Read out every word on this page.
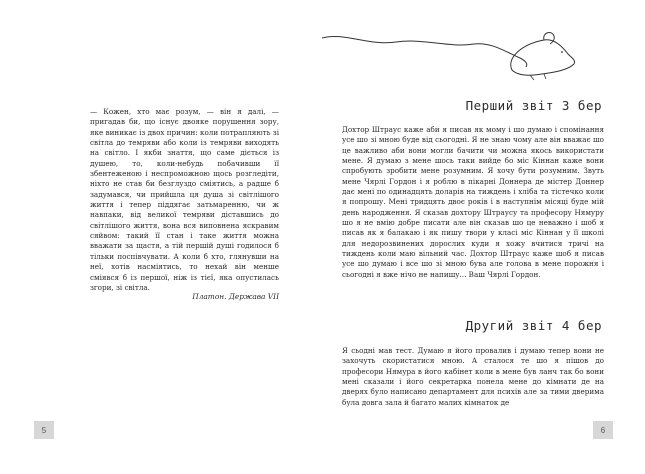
— Кожен, хто має розум, — він я далі, — пригадав би, що існує двояке порушення зору, яке виникає із двох причин: коли потрапляють зі світла до темряви або коли із темряви виходять на світло. І якби знаття, що саме діється із душею, то, коли-небудь побачивши її збентеженою і неспроможною щось розгледіти, ніхто не став би безглуздо сміятись, а радше б задумався, чи прийшла ця душа зі світлішого життя і тепер піддягає затьмаренню, чи ж навпаки, від великої темряви діставшись до світлішого життя, вона вся виповнена яскравим сяйвом: такий її стан і таке життя можна вважати за щастя, а тій першій душі годилося б тільки поспівчувати. А коли б хто, глянувши на неї, хотів насміятись, то нехай він менше сміявся б із першої, ніж із тієї, яка опустилась згори, зі світла.

Платон. Держава VII

5
Перший звіт 3 бер

Дохтор Штраус каже аби я писав як мому і шо думаю і спомінання усе шо зі мною буде від сьогодні. Я не знаю чому але він вважає шо це важливо аби вони могли бачити чи можна якось використати мене. Я думаю з мене шось таки вийде бо міс Кіннан каже вони спробують зробити мене розумним. Я хочу бути розумним. Звуть мене Чярлі Гордон і я роблю в пікарні Доннера де містер Доннер дає мені по одинадцять доларів на тиждень і хліба та тістечко коли я попрошу. Мені тридцять двоє років і в наступнім місяці буде мій день народження. Я сказав дохтору Штраусу та професору Нямуру шо я не вмію добре писати але він сказав шо це неважно і шоб я писав як я балакаю і як пишу твори у класі міс Кіннан у її школі для недорозвинених дорослих куди я хожу вчитися тричі на тиждень коли маю вільний час. Дохтор Штраус каже шоб я писав усе шо думаю і все шо зі мною бува але голова в мене порожня і сьогодні я вже нічо не напишу... Ваш Чярлі Гордон.

Другий звіт 4 бер

Я сьодні мав тест. Думаю я його провалив і думаю тепер вони не захочуть скористатися мною. А сталося те шо я пішов до професори Нямура в його кабінет коли в мене був ланч так бо вони мені сказали і його секретарка понела мене до кімнати де на дверях було написано департамент для психів але за тими дверима була довга зала й багато малих кімнаток де

6
